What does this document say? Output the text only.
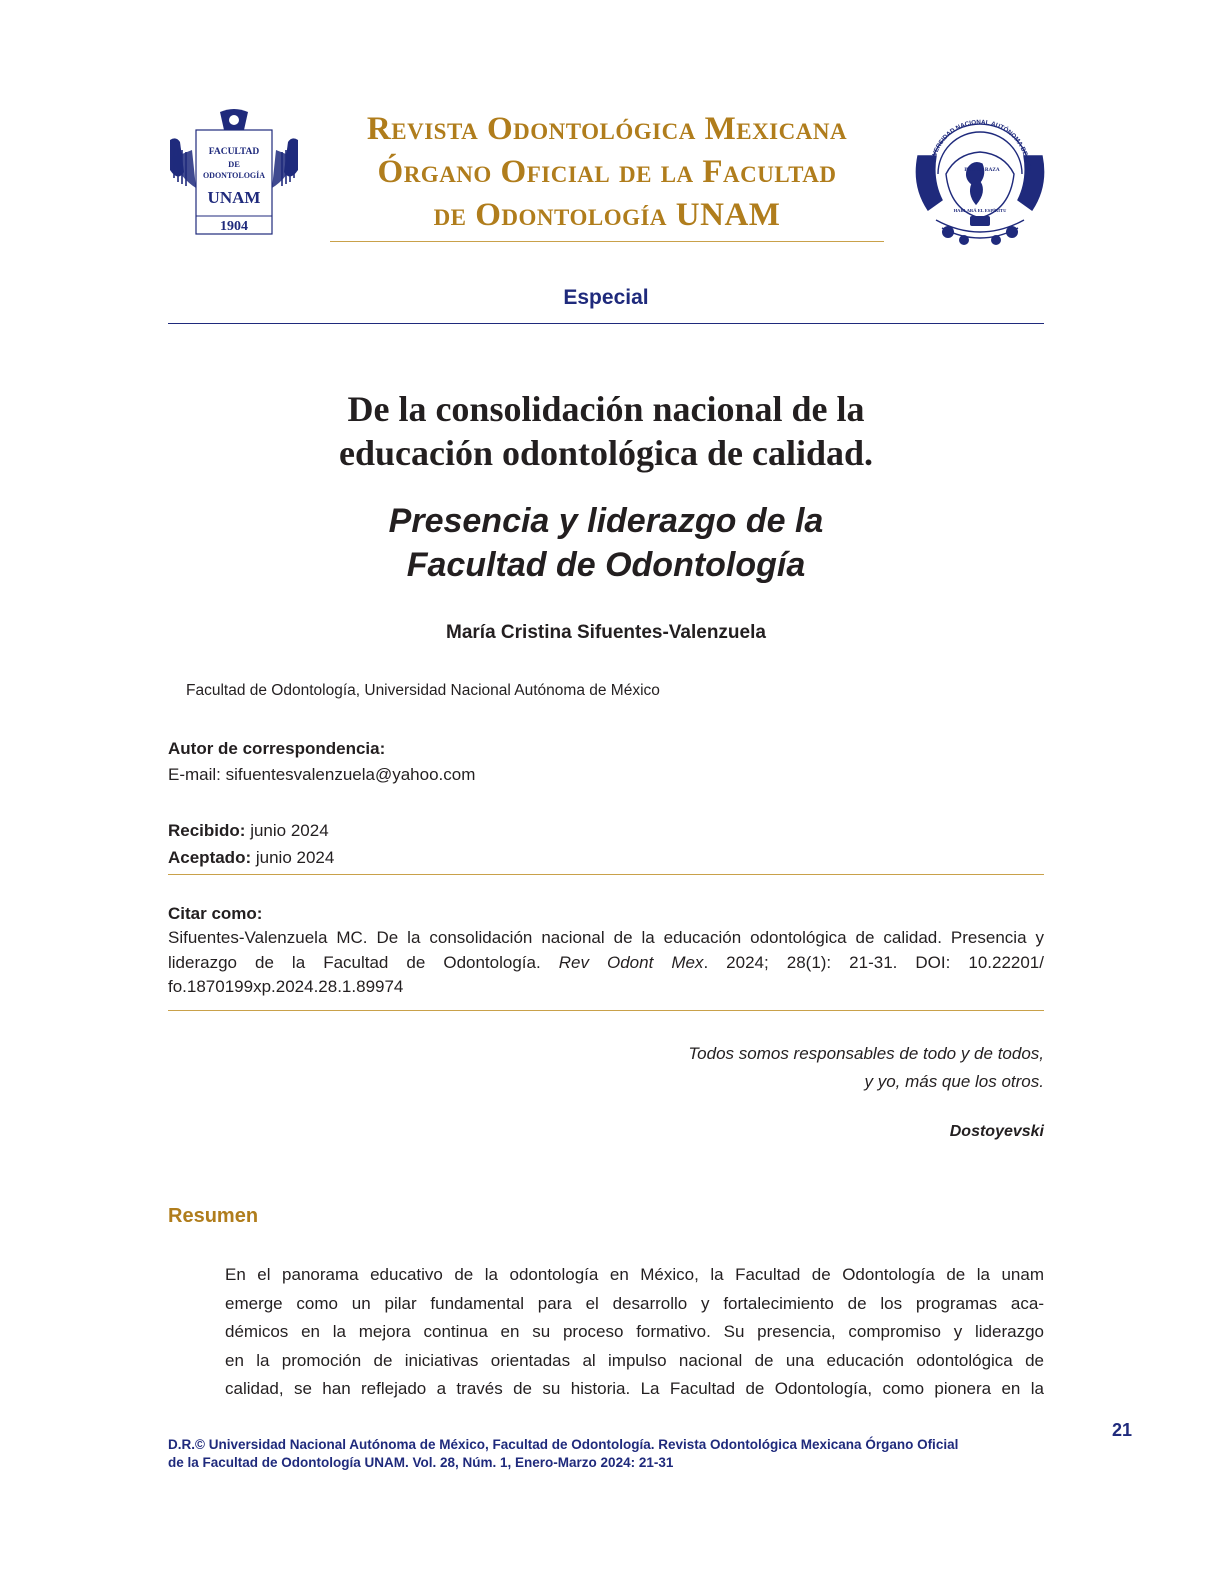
FACULTAD
DE
ODONTOLOGÍA
UNAM
1904
Revista Odontológica Mexicana
Órgano Oficial de la Facultad
de Odontología UNAM
UNIVERSIDAD NACIONAL AUTÓNOMA DE MÉX
POR MI RAZA
HABLARÁ EL ESPÍRITU
Especial
De la consolidación nacional de la
educación odontológica de calidad.
Presencia y liderazgo de la
Facultad de Odontología
María Cristina Sifuentes-Valenzuela
Facultad de Odontología, Universidad Nacional Autónoma de México
Autor de correspondencia:
E-mail: sifuentesvalenzuela@yahoo.com
Recibido: junio 2024
Aceptado: junio 2024
Citar como:
Sifuentes-Valenzuela MC. De la consolidación nacional de la educación odontológica de calidad. Presencia y liderazgo de la Facultad de Odontología. Rev Odont Mex. 2024; 28(1): 21-31. DOI: 10.22201/ fo.1870199xp.2024.28.1.89974
Todos somos responsables de todo y de todos,
y yo, más que los otros.
Dostoyevski
Resumen
En el panorama educativo de la odontología en México, la Facultad de Odontología de la unam
emerge como un pilar fundamental para el desarrollo y fortalecimiento de los programas aca-
démicos en la mejora continua en su proceso formativo. Su presencia, compromiso y liderazgo
en la promoción de iniciativas orientadas al impulso nacional de una educación odontológica de
calidad, se han reflejado a través de su historia. La Facultad de Odontología, como pionera en la
D.R.© Universidad Nacional Autónoma de México, Facultad de Odontología. Revista Odontológica Mexicana Órgano Oficial
de la Facultad de Odontología UNAM. Vol. 28, Núm. 1, Enero-Marzo 2024: 21-31
21
